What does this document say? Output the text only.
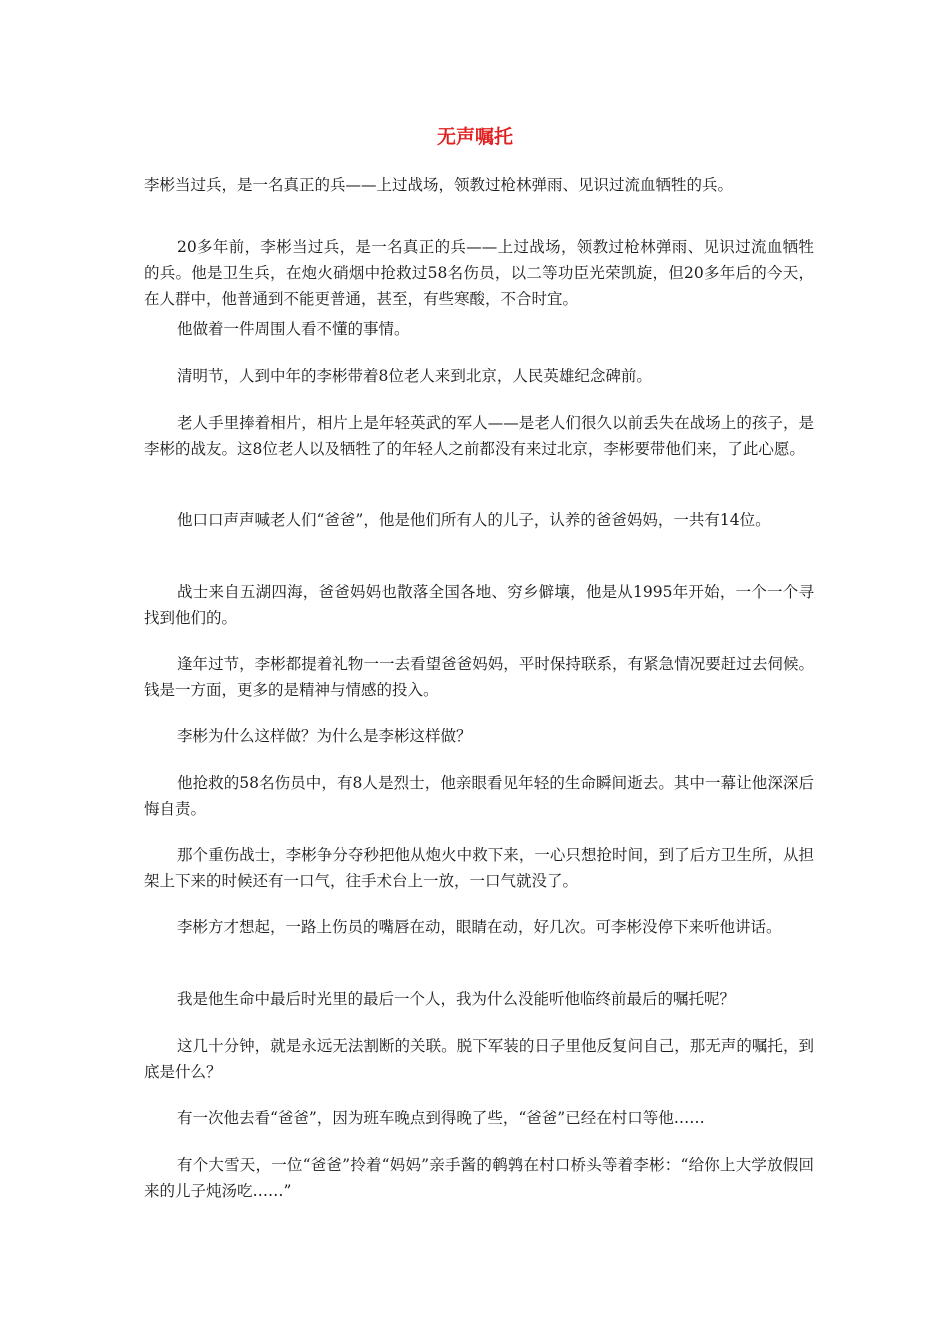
无声嘱托

李彬当过兵，是一名真正的兵——上过战场，领教过枪林弹雨、见识过流血牺牲的兵。

20多年前，李彬当过兵，是一名真正的兵——上过战场，领教过枪林弹雨、见识过流血牺牲的兵。他是卫生兵，在炮火硝烟中抢救过58名伤员，以二等功臣光荣凯旋，但20多年后的今天，在人群中，他普通到不能更普通，甚至，有些寒酸，不合时宜。

他做着一件周围人看不懂的事情。

清明节，人到中年的李彬带着8位老人来到北京，人民英雄纪念碑前。

老人手里捧着相片，相片上是年轻英武的军人——是老人们很久以前丢失在战场上的孩子，是李彬的战友。这8位老人以及牺牲了的年轻人之前都没有来过北京，李彬要带他们来，了此心愿。

他口口声声喊老人们“爸爸”，他是他们所有人的儿子，认养的爸爸妈妈，一共有14位。

战士来自五湖四海，爸爸妈妈也散落全国各地、穷乡僻壤，他是从1995年开始，一个一个寻找到他们的。

逢年过节，李彬都提着礼物一一去看望爸爸妈妈，平时保持联系，有紧急情况要赶过去伺候。钱是一方面，更多的是精神与情感的投入。

李彬为什么这样做？为什么是李彬这样做？

他抢救的58名伤员中，有8人是烈士，他亲眼看见年轻的生命瞬间逝去。其中一幕让他深深后悔自责。

那个重伤战士，李彬争分夺秒把他从炮火中救下来，一心只想抢时间，到了后方卫生所，从担架上下来的时候还有一口气，往手术台上一放，一口气就没了。

李彬方才想起，一路上伤员的嘴唇在动，眼睛在动，好几次。可李彬没停下来听他讲话。

我是他生命中最后时光里的最后一个人，我为什么没能听他临终前最后的嘱托呢？

这几十分钟，就是永远无法割断的关联。脱下军装的日子里他反复问自己，那无声的嘱托，到底是什么？

有一次他去看“爸爸”，因为班车晚点到得晚了些，“爸爸”已经在村口等他……

有个大雪天，一位“爸爸”拎着“妈妈”亲手酱的鹌鹑在村口桥头等着李彬：“给你上大学放假回来的儿子炖汤吃……”
